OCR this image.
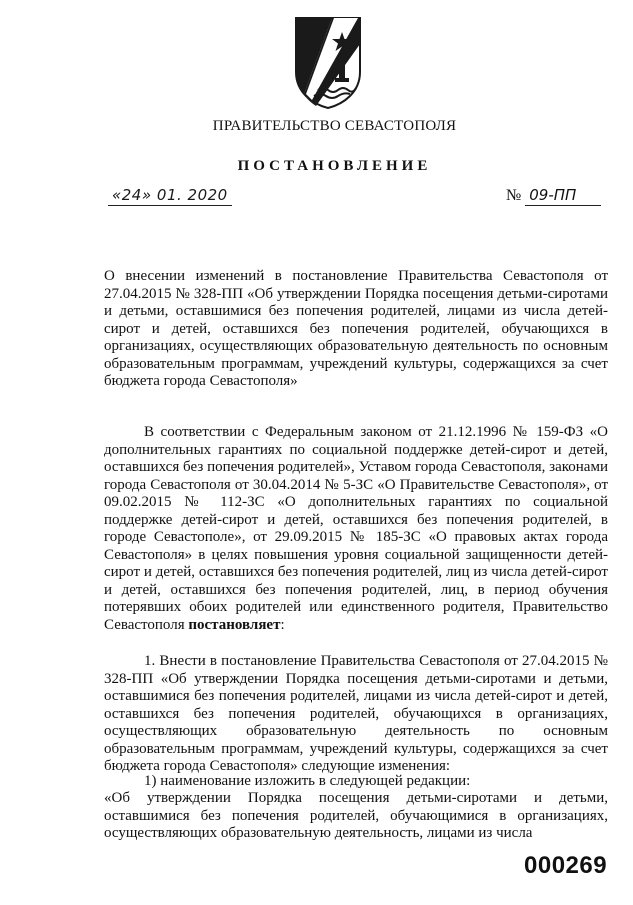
ПРАВИТЕЛЬСТВО СЕВАСТОПОЛЯ
ПОСТАНОВЛЕНИЕ
«24» 01. 2020	№ 09-ПП
О внесении изменений в постановление Правительства Севастополя от 27.04.2015 № 328-ПП «Об утверждении Порядка посещения детьми-сиротами и детьми, оставшимися без попечения родителей, лицами из числа детей-сирот и детей, оставшихся без попечения родителей, обучающихся в организациях, осуществляющих образовательную деятельность по основным образовательным программам, учреждений культуры, содержащихся за счет бюджета города Севастополя»
В соответствии с Федеральным законом от 21.12.1996 № 159-ФЗ «О дополнительных гарантиях по социальной поддержке детей-сирот и детей, оставшихся без попечения родителей», Уставом города Севастополя, законами города Севастополя от 30.04.2014 № 5-ЗС «О Правительстве Севастополя», от 09.02.2015 № 112-ЗС «О дополнительных гарантиях по социальной поддержке детей-сирот и детей, оставшихся без попечения родителей, в городе Севастополе», от 29.09.2015 № 185-ЗС «О правовых актах города Севастополя» в целях повышения уровня социальной защищенности детей-сирот и детей, оставшихся без попечения родителей, лиц из числа детей-сирот и детей, оставшихся без попечения родителей, лиц, в период обучения потерявших обоих родителей или единственного родителя, Правительство Севастополя постановляет:
1. Внести в постановление Правительства Севастополя от 27.04.2015 № 328-ПП «Об утверждении Порядка посещения детьми-сиротами и детьми, оставшимися без попечения родителей, лицами из числа детей-сирот и детей, оставшихся без попечения родителей, обучающихся в организациях, осуществляющих образовательную деятельность по основным образовательным программам, учреждений культуры, содержащихся за счет бюджета города Севастополя» следующие изменения:
1) наименование изложить в следующей редакции:
«Об утверждении Порядка посещения детьми-сиротами и детьми, оставшимися без попечения родителей, обучающимися в организациях, осуществляющих образовательную деятельность, лицами из числа
000269
